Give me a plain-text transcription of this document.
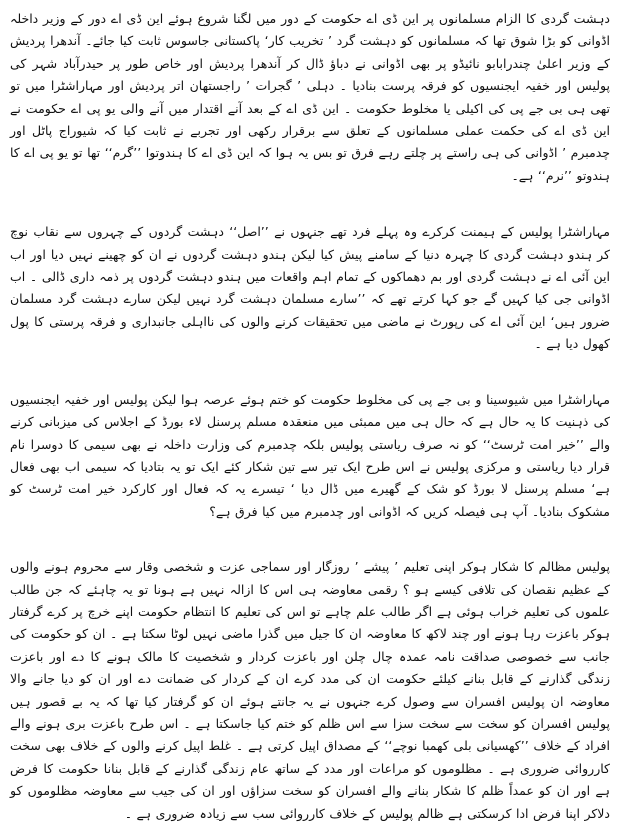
دہشت گردی کا الزام مسلمانوں پر این ڈی اے حکومت کے دور میں لگنا شروع ہوئے این ڈی اے دور کے وزیر داخلہ اڈوانی کو بڑا شوق تھا کہ مسلمانوں کو دہشت گرد ’ تخریب کار‘ پاکستانی جاسوس ثابت کیا جائے۔ آندھرا پردیش کے وزیر اعلیٰ چندرابابو نائیڈو پر بھی اڈوانی نے دباؤ ڈال کر آندھرا پردیش اور خاص طور پر حیدرآباد شہر کی پولیس اور خفیہ ایجنسیوں کو فرقہ پرست بنادیا ۔ دہلی ’ گجرات ’ راجستھان اتر پردیش اور مہاراشٹرا میں تو تھی ہی بی جے پی کی اکیلی یا مخلوط حکومت ۔ این ڈی اے کے بعد آنے اقتدار میں آنے والی یو پی اے حکومت نے این ڈی اے کی حکمت عملی مسلمانوں کے تعلق سے برقرار رکھی اور تجربے نے ثابت کیا کہ شیوراج پاٹل اور چدمبرم ’ اڈوانی کی ہی راستے پر چلتے رہے فرق تو بس یہ ہوا کہ این ڈی اے کا ہندوتوا ’’گرم‘‘ تھا تو یو پی اے کا ہندوتو ’’نرم‘‘ ہے۔

مہاراشٹرا پولیس کے ہیمنت کرکرے وہ پہلے فرد تھے جنہوں نے ’’اصل‘‘ دہشت گردوں کے چہروں سے نقاب نوچ کر ہندو دہشت گردی کا چہرہ دنیا کے سامنے پیش کیا لیکن ہندو دہشت گردوں نے ان کو چھینے نہیں دیا اور اب این آئی اے نے دہشت گردی اور بم دھماکوں کے تمام اہم واقعات میں ہندو دہشت گردوں پر ذمہ داری ڈالی ۔ اب اڈوانی جی کیا کہیں گے جو کہا کرتے تھے کہ ’’سارے مسلمان دہشت گرد نہیں لیکن سارے دہشت گرد مسلمان ضرور ہیں‘ این آئی اے کی رپورٹ نے ماضی میں تحقیقات کرنے والوں کی نااہلی جانبداری و فرقہ پرستی کا پول کھول دیا ہے ۔

مہاراشٹرا میں شیوسینا و بی جے پی کی مخلوط حکومت کو ختم ہوئے عرصہ ہوا لیکن پولیس اور خفیہ ایجنسیوں کی ذہنیت کا یہ حال ہے کہ حال ہی میں ممبئی میں منعقدہ مسلم پرسنل لاء بورڈ کے اجلاس کی میزبانی کرنے والے ’’خیر امت ٹرسٹ‘‘ کو نہ صرف ریاستی پولیس بلکہ چدمبرم کی وزارت داخلہ نے بھی سیمی کا دوسرا نام قرار دیا ریاستی و مرکزی پولیس نے اس طرح ایک تیر سے تین شکار کئے ایک تو یہ بتادیا کہ سیمی اب بھی فعال ہے‘ مسلم پرسنل لا بورڈ کو شک کے گھیرے میں ڈال دیا ‘ تیسرے یہ کہ فعال اور کارکرد خیر امت ٹرسٹ کو مشکوک بنادیا۔ آپ ہی فیصلہ کریں کہ اڈوانی اور چدمبرم میں کیا فرق ہے؟

پولیس مظالم کا شکار ہوکر اپنی تعلیم ’ پیشے ’ روزگار اور سماجی عزت و شخصی وقار سے محروم ہونے والوں کے عظیم نقصان کی تلافی کیسے ہو ؟ رقمی معاوضہ ہی اس کا ازالہ نہیں ہے ہونا تو یہ چاہئے کہ جن طالب علموں کی تعلیم خراب ہوئی ہے اگر طالب علم چاہے تو اس کی تعلیم کا انتظام حکومت اپنے خرچ پر کرے گرفتار ہوکر باعزت رہا ہونے اور چند لاکھ کا معاوضہ ان کا جیل میں گذرا ماضی نہیں لوٹا سکتا ہے ۔ ان کو حکومت کی جانب سے خصوصی صداقت نامہ عمدہ چال چلن اور باعزت کردار و شخصیت کا مالک ہونے کا دے اور باعزت زندگی گذارنے کے قابل بنانے کیلئے حکومت ان کی مدد کرے ان کے کردار کی ضمانت دے اور ان کو دیا جانے والا معاوضہ ان پولیس افسران سے وصول کرے جنہوں نے یہ جانتے ہوئے ان کو گرفتار کیا تھا کہ یہ بے قصور ہیں پولیس افسران کو سخت سے سخت سزا سے اس ظلم کو ختم کیا جاسکتا ہے ۔ اس طرح باعزت بری ہونے والے افراد کے خلاف ’’کھسیانی بلی کھمبا نوچے‘‘ کے مصداق اپیل کرتی ہے ۔ غلط اپیل کرنے والوں کے خلاف بھی سخت کارروائی ضروری ہے ۔ مظلوموں کو مراعات اور مدد کے ساتھ عام زندگی گذارنے کے قابل بنانا حکومت کا فرض ہے اور ان کو عمداً ظلم کا شکار بنانے والے افسران کو سخت سزاؤں اور ان کی جیب سے معاوضہ مظلوموں کو دلاکر اپنا فرض ادا کرسکتی ہے ظالم پولیس کے خلاف کارروائی سب سے زیادہ ضروری ہے ۔
